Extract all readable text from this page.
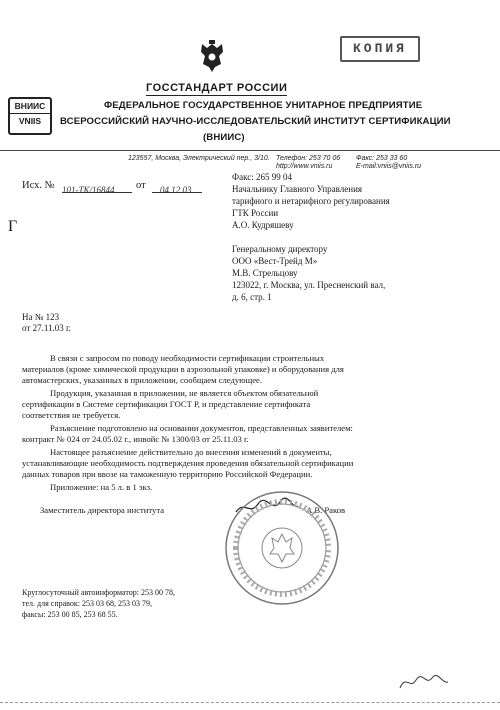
КОПИЯ
ГОССТАНДАРТ РОССИИ
ВНИИС
VNIIS
ФЕДЕРАЛЬНОЕ ГОСУДАРСТВЕННОЕ УНИТАРНОЕ ПРЕДПРИЯТИЕ
ВСЕРОССИЙСКИЙ НАУЧНО-ИССЛЕДОВАТЕЛЬСКИЙ ИНСТИТУТ СЕРТИФИКАЦИИ
(ВНИИС)
123557, Москва, Электрический пер., 3/10. Телефон: 253 70 06
http://www.vniis.ru
Факс: 253 33 60
E-mail:vniis@vniis.ru
Исх. № 101-ТК/16844	от	04.12.03
Г
Факс: 265 99 04
Начальнику Главного Управления
тарифного и нетарифного регулирования
ГТК России
А.О. Кудряшеву
Генеральному директору
ООО «Вест-Трейд М»
М.В. Стрельцову
123022, г. Москва, ул. Пресненский вал,
д. 6, стр. 1
На № 123
от 27.11.03 г.
В связи с запросом по поводу необходимости сертификации строительных
материалов (кроме химической продукции в аэрозольной упаковке) и оборудования для
автомастерских, указанных в приложении, сообщаем следующее.
Продукция, указанная в приложении, не является объектом обязательной
сертификации в Системе сертификации ГОСТ Р, и представление сертификата
соответствия не требуется.
Разъяснение подготовлено на основании документов, представленных заявителем:
контракт № 024 от 24.05.02 г., инвойс № 1300/03 от 25.11.03 г.
Настоящее разъяснение действительно до внесения изменений в документы,
устанавливающие необходимость подтверждения проведения обязательной сертификации
данных товаров при ввозе на таможенную территорию Российской Федерации.
Приложение: на 5 л. в 1 экз.
Заместитель директора института	А.В. Раков
Круглосуточный автоинформатор: 253 00 78,
тел. для справок: 253 03 68, 253 03 79,
факсы: 253 00 85, 253 68 55.
